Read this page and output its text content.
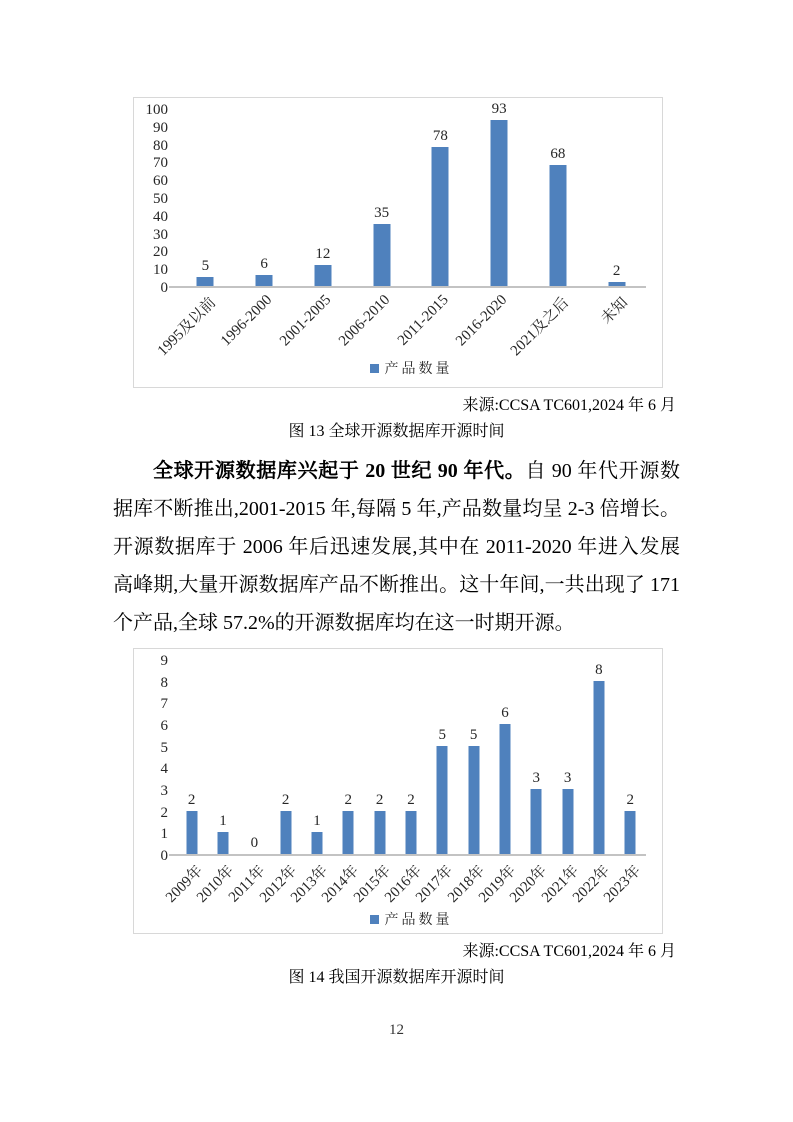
0
10
20
30
40
50
60
70
80
90
100
5	6
12
35
78
93
68
2
1995及以前
1996-2000 2001-2005 2006-2010 2011-2015 2016-2020
2021及之后 未知
产品数量
来源:CCSA TC601,2024 年 6 月
图 13 全球开源数据库开源时间

全球开源数据库兴起于 20 世纪 90 年代。自 90 年代开源数据库不断推出,2001-2015 年,每隔 5 年,产品数量均呈 2-3 倍增长。开源数据库于 2006 年后迅速发展,其中在 2011-2020 年进入发展高峰期,大量开源数据库产品不断推出。这十年间,一共出现了 171 个产品,全球 57.2%的开源数据库均在这一时期开源。

0
1
2
3
4
5
6
7
8
9
2
1
0
2
1
2	2	2
5	5
6
3	3
8
2
2009年
2010年
2011年
2012年
2013年
2014年
2015年
2016年
2017年
2018年
2019年
2020年
2021年
2022年
2023年
产品数量
来源:CCSA TC601,2024 年 6 月
图 14 我国开源数据库开源时间
12
